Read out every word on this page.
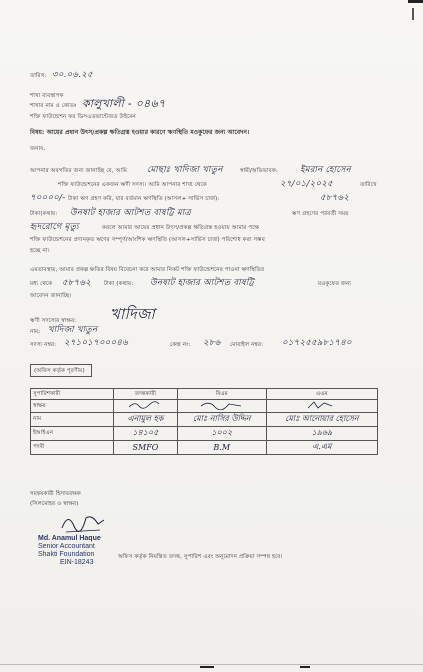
তারিখ: ৩০.০৬.২৫
শাখা ব্যবস্থাপক
শাখার নাম ও কোডঃ কালুখালী - ০৪৬৭
শক্তি ফাউন্ডেশন ফর ডিসএডভান্টেজড উইমেন
বিষয়: আয়ের প্রধান উৎস/প্রকল্প ক্ষতিগ্রস্ত হওয়ার কারণে ঋণস্থিতি মওকুফের জন্য আবেদন।
জনাব,
আপনার অবগতির জন্য জানাচ্ছি যে, আমি মোছাঃ খাদিজা খাতুন	স্বামী/অভিভাবক:	ইমরান হোসেন
শক্তি ফাউন্ডেশনের একজন ঋণী সদস্য। আমি আপনার শাখা থেকে	২৭/০১/২০২৫	তারিখে
৭০০০০/- টাকা ঋণ গ্রহণ করি, যার বর্তমান ঋণস্থিতি (আসল+ সার্ভিস চার্জ):	৫৮৭৬২
টাকা(কথায়: উনষাট হাজার আটশত বাষট্টি মাত্র	ঋণ গ্রহণের পরবর্তী সময়
হৃদরোগে মৃত্যু	করলে আমার আয়ের প্রধান উৎস/প্রকল্প ক্ষতিগ্রস্ত হওয়ায় আমার পক্ষে
শক্তি ফাউন্ডেশনের প্রদানকৃত ঋণের সম্পূর্ণ/আংশিক ঋণস্থিতি (আসল+সার্ভিস চার্জ) পরিশোধ করা সম্ভব
হচ্ছে না।
এমতাবস্থায়, আমার প্রকল্প ক্ষতির বিষয় বিবেচনা করে আমার নিকট শক্তি ফাউন্ডেশনের পাওনা ঋণস্থিতির
মধ্য থেকে ৫৮৭৬২ টাকা (কথায়: উনষাট হাজার আটশত বাষট্টি	মওকুফের জন্য
আবেদন জানাচ্ছি।
ঋণী সদস্যের স্বাক্ষর: খাদিজা
নাম: খাদিজা খাতুন
সদস্য নম্বর: ২৭১০১৭০০০৪৬	কেন্দ্র নং: ২৮৬ মোবাইল নম্বর: ০১৭২৫৫৯৮১৭৪০
(অফিস কর্তৃক পূরণীয়)
সুপারিশকারী	তদন্তকারী	বিএম	এএম
স্বাক্ষর			
নাম	এনামুল হক	মোঃ নাসির উদ্দিন	মোঃ আনোয়ার হোসেন
ইআইএন	১৪১০৫	১০০২	১৯৬৯
পদবী	SMFO	B.M	এ.এম
সমন্বয়কারী হিসাবরক্ষক
(সিলমোহর ও স্বাক্ষর)
Md. Anamul Haque
Senior Accountant
Shakti Foundation
EIN-18243
অফিস কর্তৃক নিয়ন্ত্রিত তদন্ত, সুপারিশ এবং অনুমোদন প্রক্রিয়া সম্পন্ন হবে।
